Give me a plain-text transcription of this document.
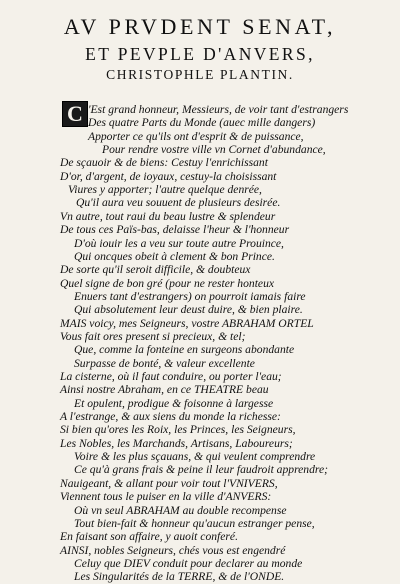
AV PRVDENT SENAT,
ET PEVPLE D'ANVERS,
CHRISTOPHLE PLANTIN.
C 'Est grand honneur, Messieurs, de voir tant d'estrangers
Des quatre Parts du Monde (auec mille dangers)
Apporter ce qu'ils ont d'esprit & de puissance,
Pour rendre vostre ville vn Cornet d'abundance,
De sçauoir & de biens: Cestuy l'enrichissant
D'or, d'argent, de ioyaux, cestuy-la choisissant
Viures y apporter; l'autre quelque denrée,
Qu'il aura veu souuent de plusieurs desirée.
Vn autre, tout raui du beau lustre & splendeur
De tous ces Païs-bas, delaisse l'heur & l'honneur
D'où iouir les a veu sur toute autre Prouince,
Qui oncques obeit à clement & bon Prince.
De sorte qu'il seroit difficile, & doubteux
Quel signe de bon gré (pour ne rester honteux
Enuers tant d'estrangers) on pourroit iamais faire
Qui absolutement leur deust duire, & bien plaire.
MAIS voicy, mes Seigneurs, vostre ABRAHAM ORTEL
Vous fait ores present si precieux, & tel;
Que, comme la fonteine en surgeons abondante
Surpasse de bonté, & valeur excellente
La cisterne, où il faut conduire, ou porter l'eau;
Ainsi nostre Abraham, en ce THEATRE beau
Et opulent, prodigue & foisonne à largesse
A l'estrange, & aux siens du monde la richesse:
Si bien qu'ores les Roix, les Princes, les Seigneurs,
Les Nobles, les Marchands, Artisans, Laboureurs;
Voire & les plus sçauans, & qui veulent comprendre
Ce qu'à grans frais & peine il leur faudroit apprendre;
Nauigeant, & allant pour voir tout l'VNIVERS,
Viennent tous le puiser en la ville d'ANVERS:
Où vn seul ABRAHAM au double recompense
Tout bien-fait & honneur qu'aucun estranger pense,
En faisant son affaire, y auoit conferé.
AINSI, nobles Seigneurs, chés vous est engendré
Celuy que DIEV conduit pour declarer au monde
Les Singularités de la TERRE, & de l'ONDE.
